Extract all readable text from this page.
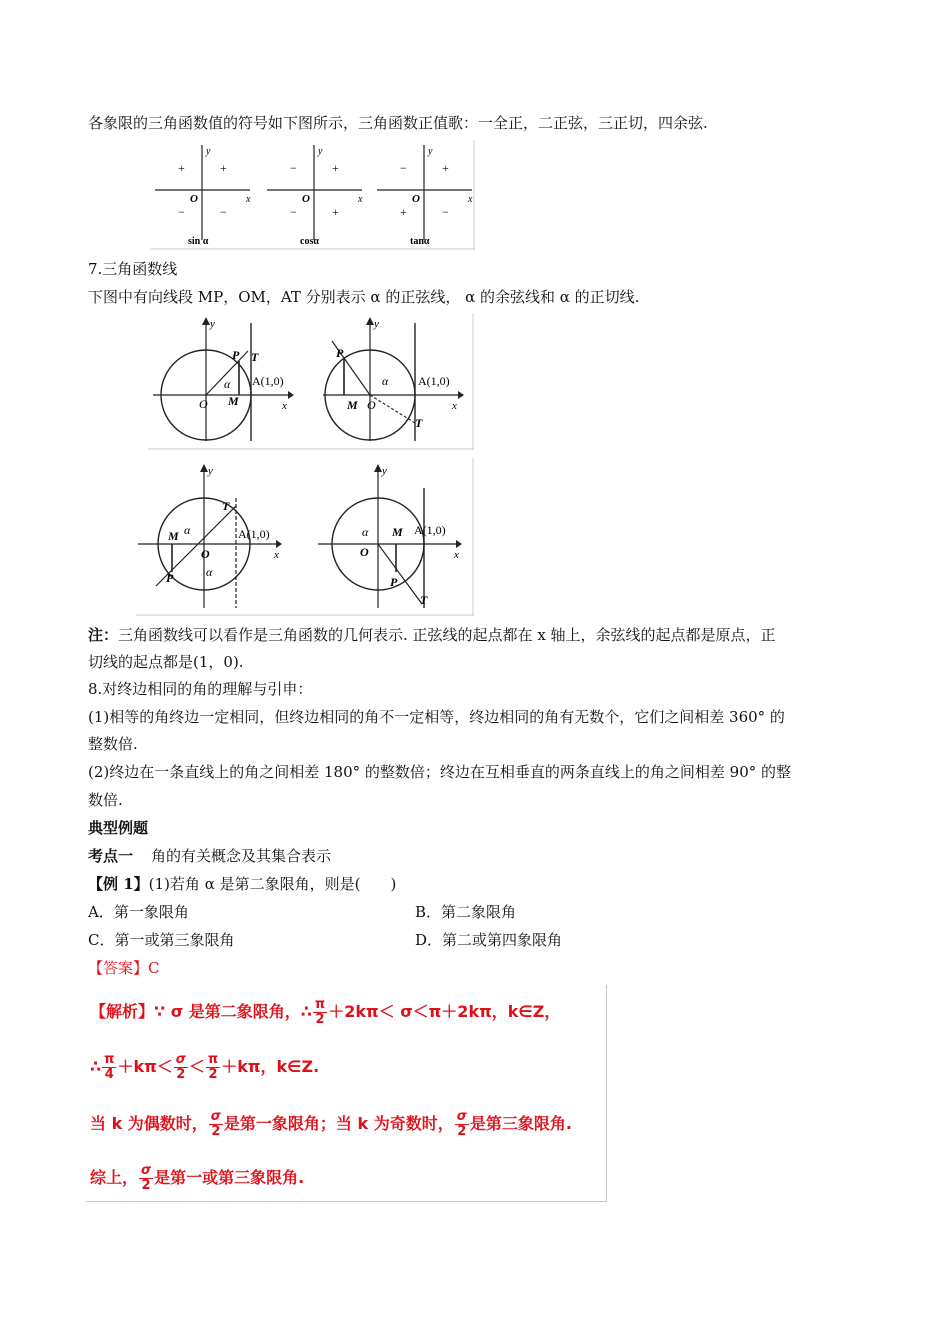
各象限的三角函数值的符号如下图所示，三角函数正值歌：一全正，二正弦，三正切，四余弦.
y
x
O
+	+
−	−
sin α
y
x
O
−	+
−	+
cosα
y
x
O
−	+
+	−
tanα
7.三角函数线
下图中有向线段 MP，OM，AT 分别表示 α 的正弦线， α 的余弦线和 α 的正切线.
y
x
O
P T
M
A(1,0)
α
y
x
O
P
T
M
A(1,0)
α
y
x
O
P
T
M	A(1,0)
α
α
y
x
O
P
T
M A(1,0)
α
注：三角函数线可以看作是三角函数的几何表示. 正弦线的起点都在 x 轴上，余弦线的起点都是原点，正
切线的起点都是(1，0).
8.对终边相同的角的理解与引申：
(1)相等的角终边一定相同，但终边相同的角不一定相等，终边相同的角有无数个，它们之间相差 360° 的
整数倍.
(2)终边在一条直线上的角之间相差 180° 的整数倍；终边在互相垂直的两条直线上的角之间相差 90° 的整
数倍.
典型例题
考点一 角的有关概念及其集合表示
【例 1】(1)若角 α 是第二象限角，则是(　　)
A．第一象限角	B．第二象限角
C．第一或第三象限角	D．第二或第四象限角
【答案】C
【解析】∵ σ 是第二象限角，∴ $\frac{\pi}{2} +2k\pi< \sigma<\pi+2k\pi$，k∈Z，
∴ $\frac{\pi}{4} +k\pi< \frac{\sigma}{2} < \frac{\pi}{2} +k\pi$，k∈Z.
当 k 为偶数时， $\frac{\sigma}{2}$ 是第一象限角；当 k 为奇数时， $\frac{\sigma}{2}$ 是第三象限角.
综上， $\frac{\sigma}{2}$ 是第一或第三象限角.
